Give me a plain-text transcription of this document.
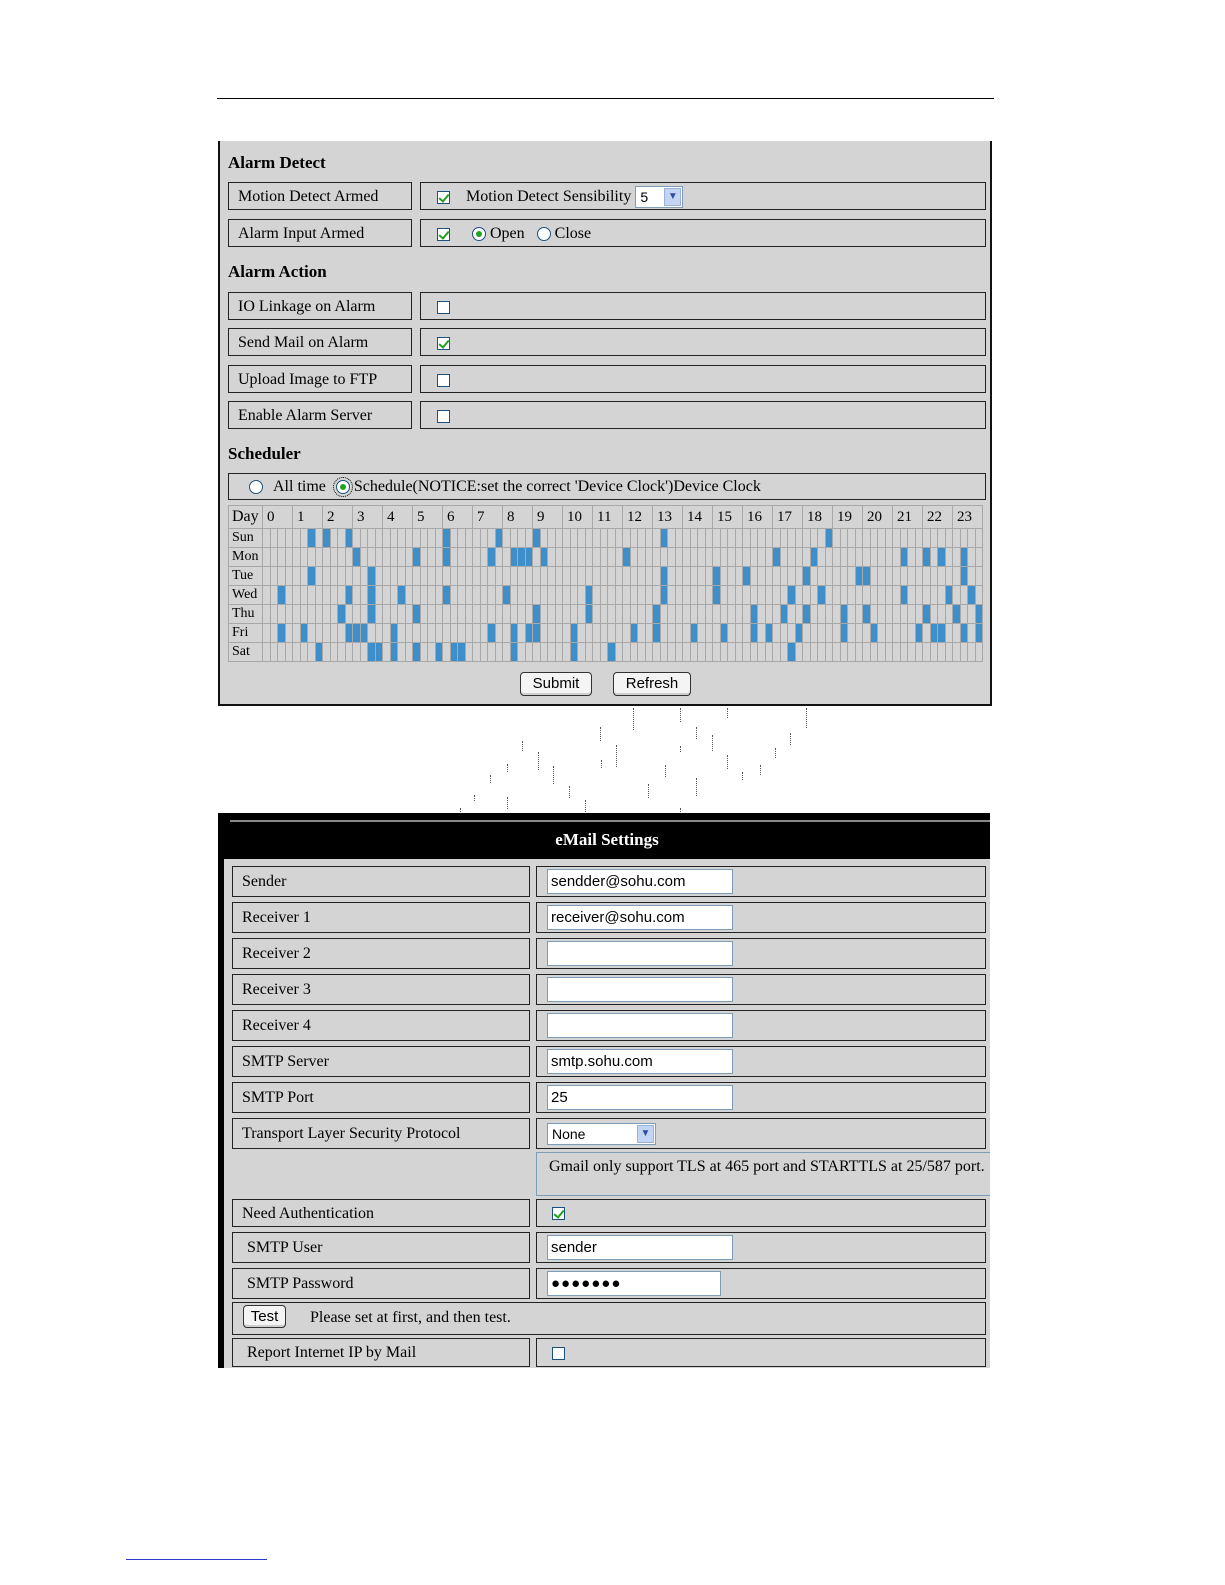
Alarm Detect
Motion Detect Armed	Motion Detect Sensibility 5	▼
Alarm Input Armed	Open Close
Alarm Action
IO Linkage on Alarm
Send Mail on Alarm
Upload Image to FTP
Enable Alarm Server
Scheduler
All time Schedule(NOTICE:set the correct 'Device Clock')Device Clock
Day	0	1	2	3	4	5	6	7	8	9	10	11	12	13	14	15	16	17	18	19	20	21	22	23
Sun																																																																																																
Mon																																																																																																
Tue																																																																																																
Wed																																																																																																
Thu																																																																																																
Fri																																																																																																
Sat																																																																																																
Submit	Refresh
eMail Settings
Sender	sendder@sohu.com
Receiver 1	receiver@sohu.com
Receiver 2
Receiver 3
Receiver 4
SMTP Server	smtp.sohu.com
SMTP Port	25
Transport Layer Security Protocol	None	▼
Gmail only support TLS at 465 port and STARTTLS at 25/587 port.
Need Authentication
SMTP User	sender
SMTP Password	●●●●●●●
Test	Please set at first, and then test.
Report Internet IP by Mail
